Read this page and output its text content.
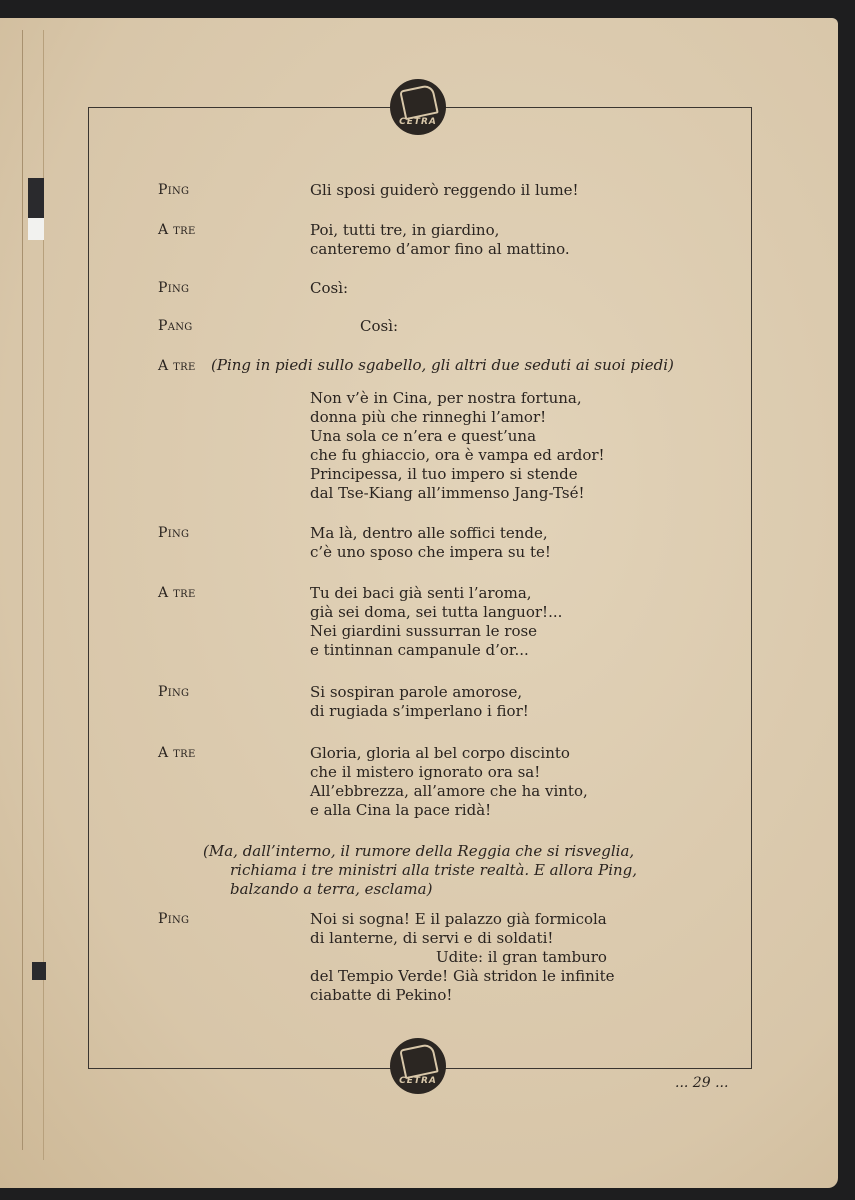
CETRA
CETRA
Ping	Gli sposi guiderò reggendo il lume!
A tre	Poi, tutti tre, in giardino,
canteremo d’amor fino al mattino.
Ping	Così:
Pang	Così:
A tre (Ping in piedi sullo sgabello, gli altri due seduti ai suoi piedi)
Non v’è in Cina, per nostra fortuna,
donna più che rinneghi l’amor!
Una sola ce n’era e quest’una
che fu ghiaccio, ora è vampa ed ardor!
Principessa, il tuo impero si stende
dal Tse-Kiang all’immenso Jang-Tsé!
Ping	Ma là, dentro alle soffici tende,
c’è uno sposo che impera su te!
A tre	Tu dei baci già senti l’aroma,
già sei doma, sei tutta languor!...
Nei giardini sussurran le rose
e tintinnan campanule d’or...
Ping	Si sospiran parole amorose,
di rugiada s’imperlano i fior!
A tre	Gloria, gloria al bel corpo discinto
che il mistero ignorato ora sa!
All’ebbrezza, all’amore che ha vinto,
e alla Cina la pace ridà!
(Ma, dall’interno, il rumore della Reggia che si risveglia,
richiama i tre ministri alla triste realtà. E allora Ping,
balzando a terra, esclama)
Ping	Noi si sogna! E il palazzo già formicola
di lanterne, di servi e di soldati!
Udite: il gran tamburo
del Tempio Verde! Già stridon le infinite
ciabatte di Pekino!
... 29 ...
